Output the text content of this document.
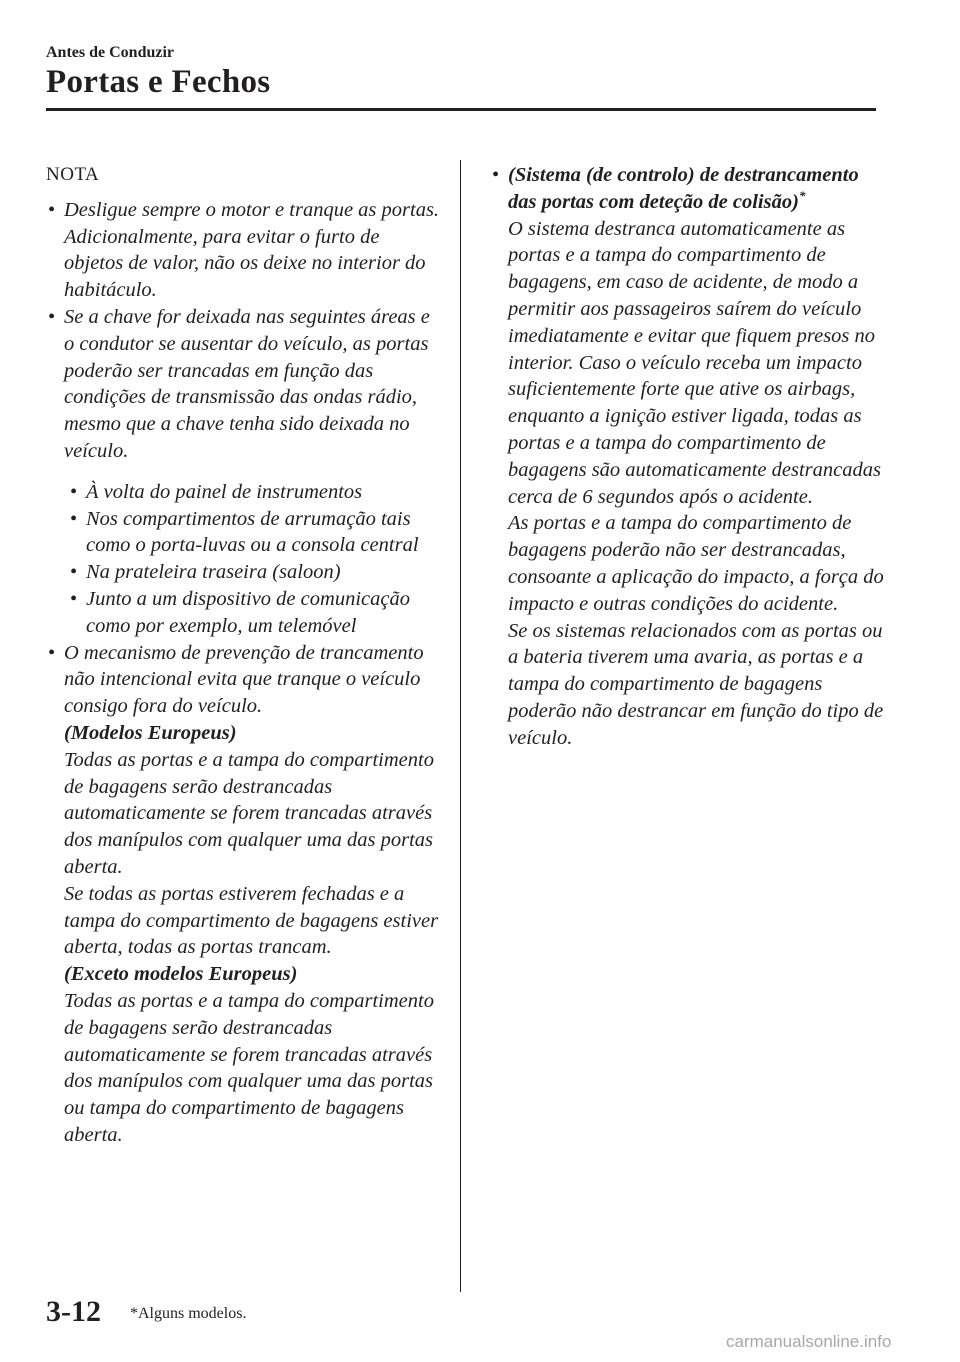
Antes de Conduzir
Portas e Fechos
NOTA
• Desligue sempre o motor e tranque as portas. Adicionalmente, para evitar o furto de objetos de valor, não os deixe no interior do habitáculo.
• Se a chave for deixada nas seguintes áreas e o condutor se ausentar do veículo, as portas poderão ser trancadas em função das condições de transmissão das ondas rádio, mesmo que a chave tenha sido deixada no veículo.
• À volta do painel de instrumentos
• Nos compartimentos de arrumação tais como o porta-luvas ou a consola central
• Na prateleira traseira (saloon)
• Junto a um dispositivo de comunicação como por exemplo, um telemóvel
• O mecanismo de prevenção de trancamento não intencional evita que tranque o veículo consigo fora do veículo.
(Modelos Europeus)
Todas as portas e a tampa do compartimento de bagagens serão destrancadas automaticamente se forem trancadas através dos manípulos com qualquer uma das portas aberta.
Se todas as portas estiverem fechadas e a tampa do compartimento de bagagens estiver aberta, todas as portas trancam.
(Exceto modelos Europeus)
Todas as portas e a tampa do compartimento de bagagens serão destrancadas automaticamente se forem trancadas através dos manípulos com qualquer uma das portas ou tampa do compartimento de bagagens aberta.
• (Sistema (de controlo) de destrancamento das portas com deteção de colisão)*
O sistema destranca automaticamente as portas e a tampa do compartimento de bagagens, em caso de acidente, de modo a permitir aos passageiros saírem do veículo imediatamente e evitar que fiquem presos no interior. Caso o veículo receba um impacto suficientemente forte que ative os airbags, enquanto a ignição estiver ligada, todas as portas e a tampa do compartimento de bagagens são automaticamente destrancadas cerca de 6 segundos após o acidente.
As portas e a tampa do compartimento de bagagens poderão não ser destrancadas, consoante a aplicação do impacto, a força do impacto e outras condições do acidente.
Se os sistemas relacionados com as portas ou a bateria tiverem uma avaria, as portas e a tampa do compartimento de bagagens poderão não destrancar em função do tipo de veículo.
3-12 *Alguns modelos.
carmanualsonline.info
